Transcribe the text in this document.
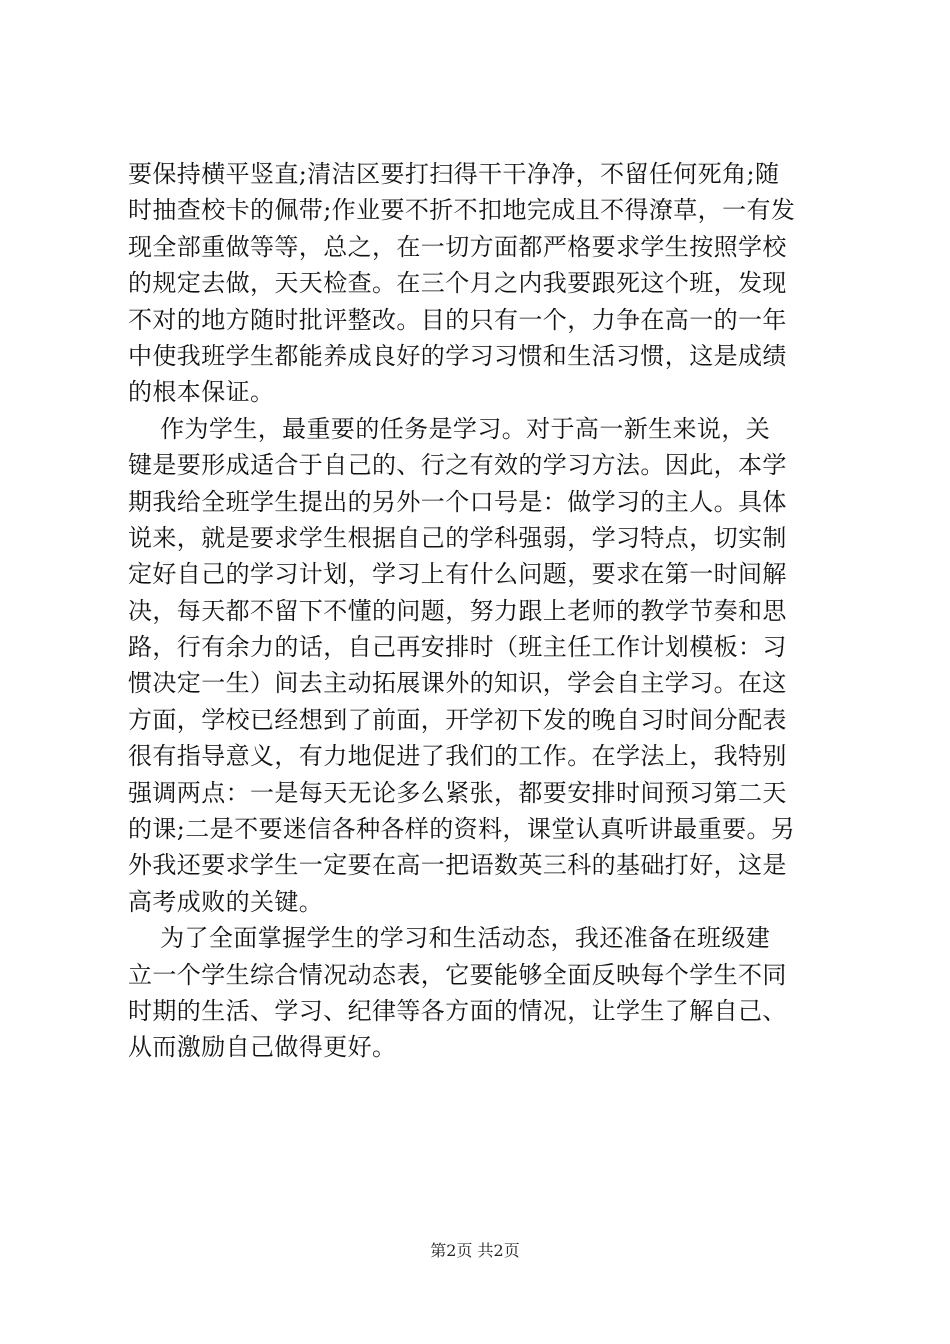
要保持横平竖直;清洁区要打扫得干干净净，不留任何死角;随
时抽查校卡的佩带;作业要不折不扣地完成且不得潦草，一有发
现全部重做等等，总之，在一切方面都严格要求学生按照学校
的规定去做，天天检查。在三个月之内我要跟死这个班，发现
不对的地方随时批评整改。目的只有一个，力争在高一的一年
中使我班学生都能养成良好的学习习惯和生活习惯，这是成绩
的根本保证。
作为学生，最重要的任务是学习。对于高一新生来说，关
键是要形成适合于自己的、行之有效的学习方法。因此，本学
期我给全班学生提出的另外一个口号是：做学习的主人。具体
说来，就是要求学生根据自己的学科强弱，学习特点，切实制
定好自己的学习计划，学习上有什么问题，要求在第一时间解
决，每天都不留下不懂的问题，努力跟上老师的教学节奏和思
路，行有余力的话，自己再安排时（班主任工作计划模板：习
惯决定一生）间去主动拓展课外的知识，学会自主学习。在这
方面，学校已经想到了前面，开学初下发的晚自习时间分配表
很有指导意义，有力地促进了我们的工作。在学法上，我特别
强调两点：一是每天无论多么紧张，都要安排时间预习第二天
的课;二是不要迷信各种各样的资料，课堂认真听讲最重要。另
外我还要求学生一定要在高一把语数英三科的基础打好，这是
高考成败的关键。
为了全面掌握学生的学习和生活动态，我还准备在班级建
立一个学生综合情况动态表，它要能够全面反映每个学生不同
时期的生活、学习、纪律等各方面的情况，让学生了解自己、
从而激励自己做得更好。
第2页 共2页
